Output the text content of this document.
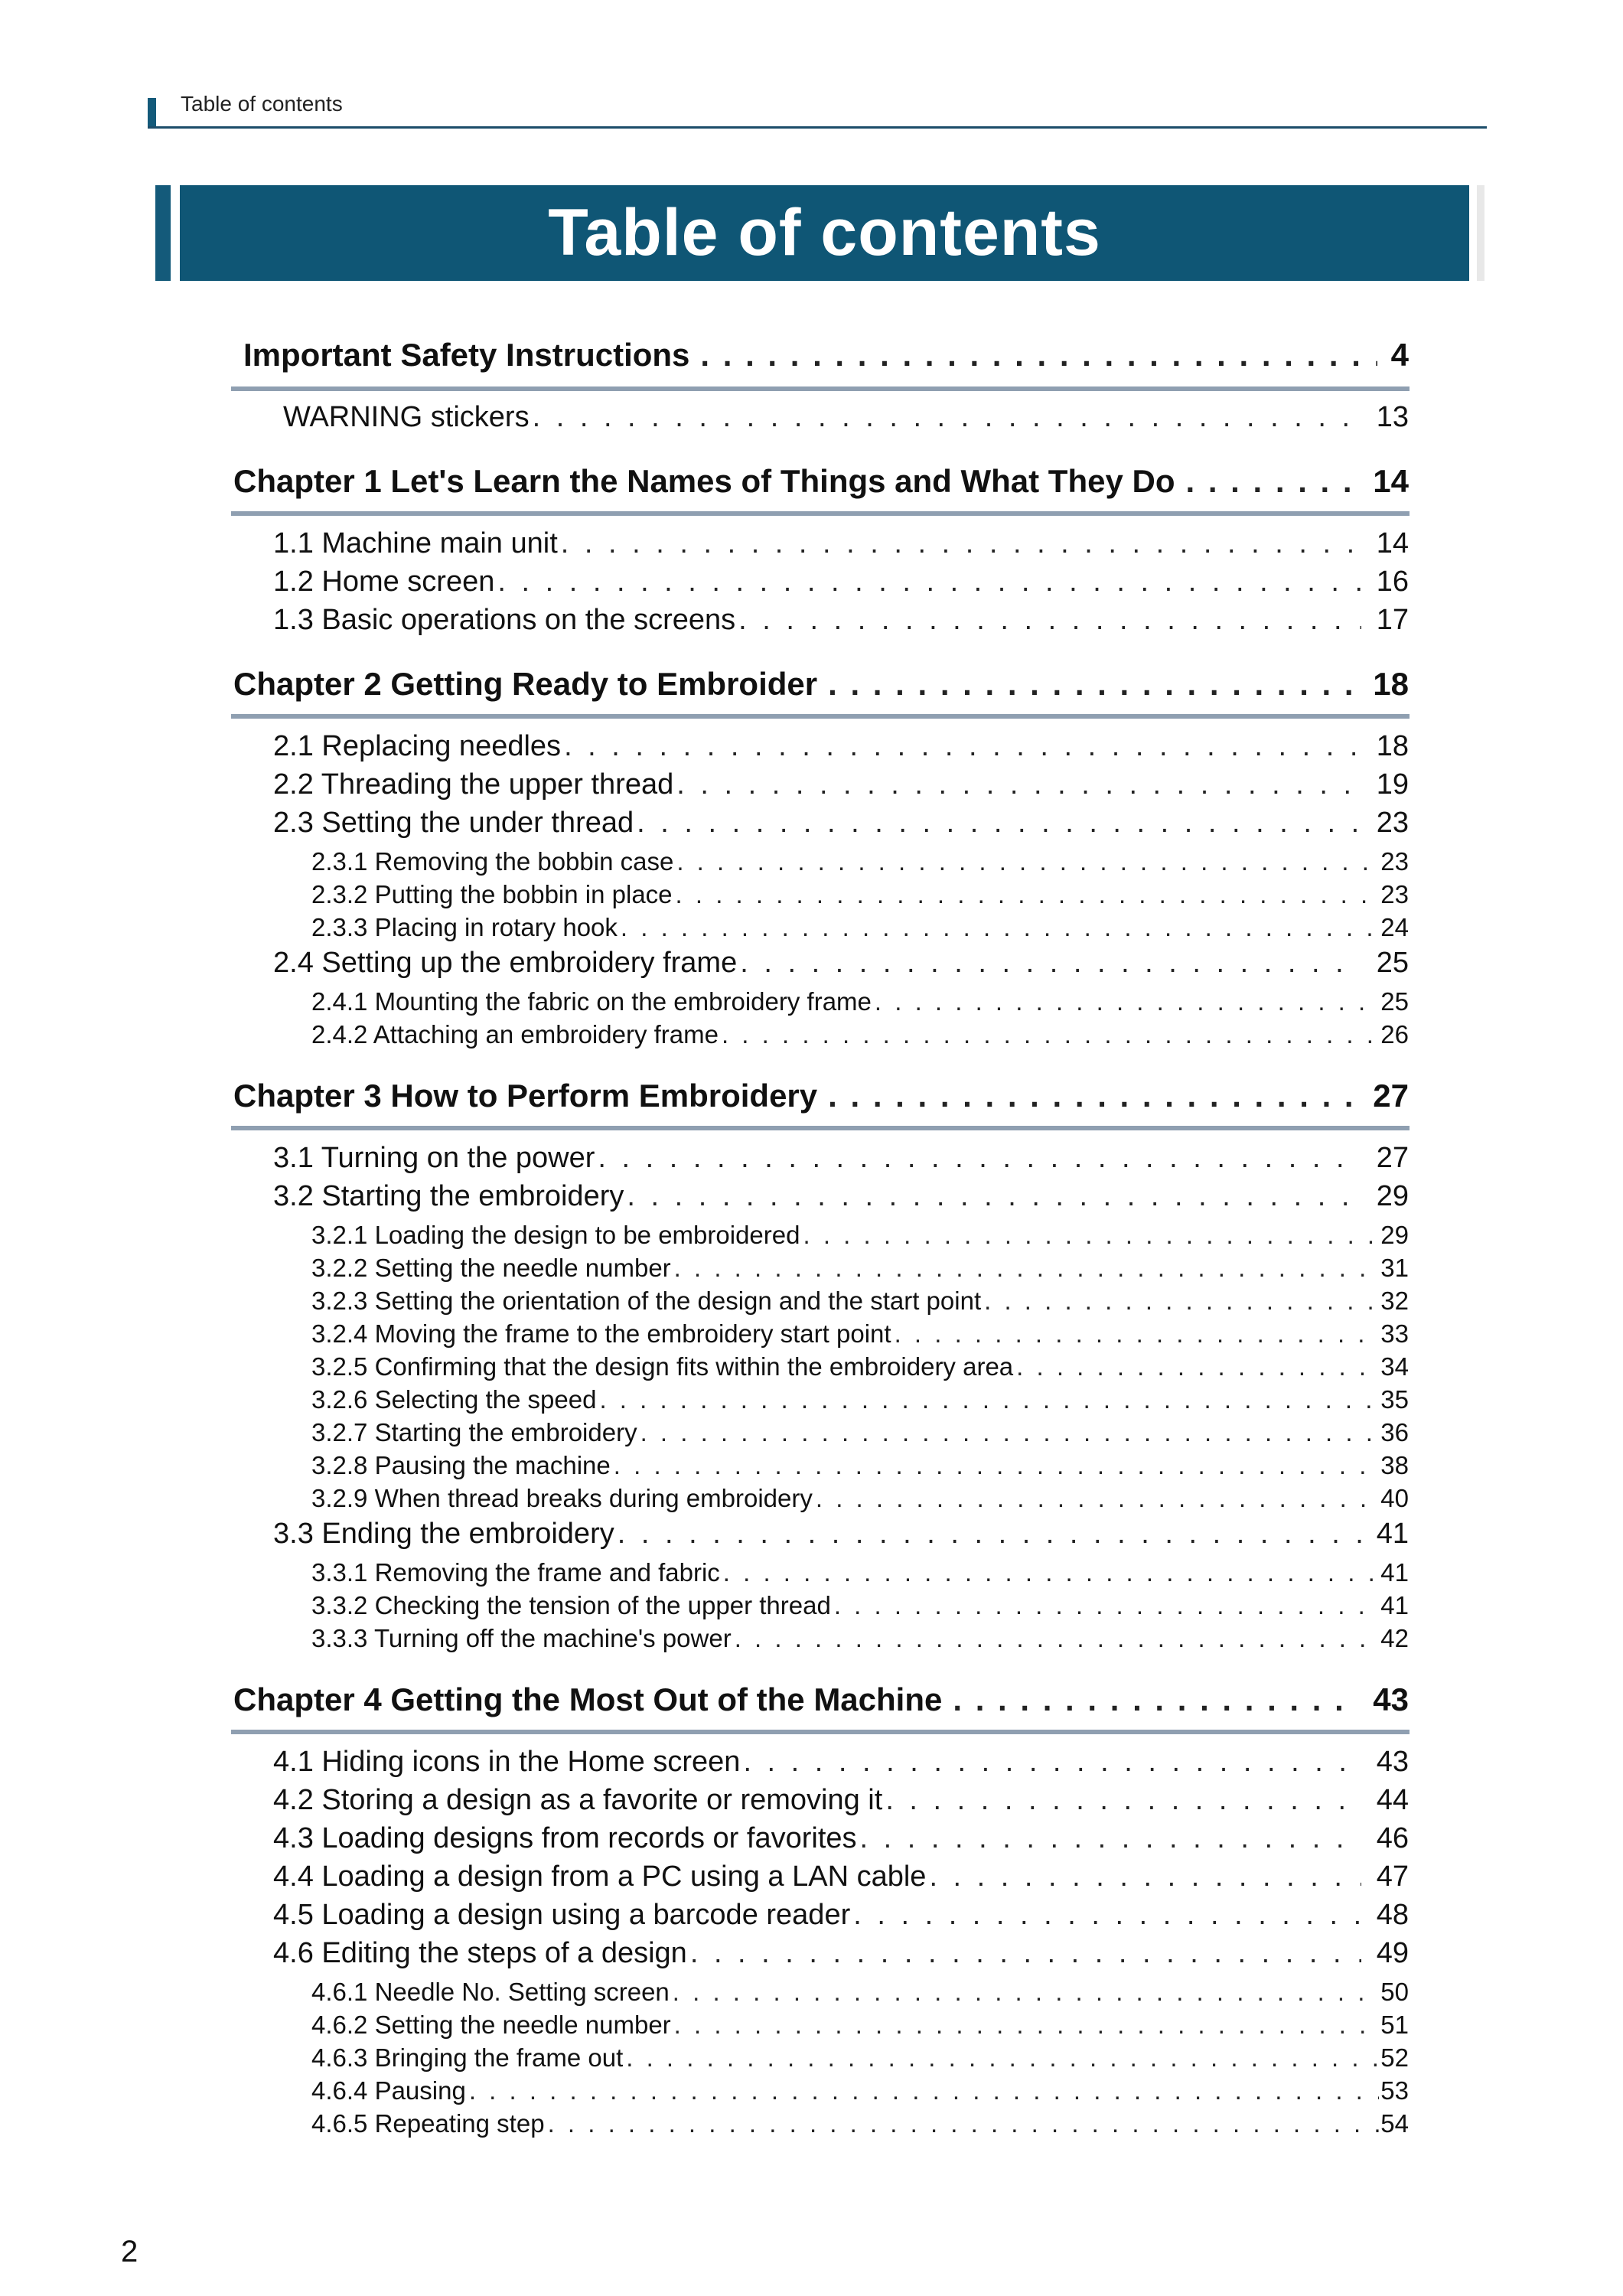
Table of contents
Table of contents
Important Safety Instructions . . .	4
WARNING stickers . . .	13
Chapter 1 Let's Learn the Names of Things and What They Do . . .	14
1.1 Machine main unit . . .	14
1.2 Home screen . . .	16
1.3 Basic operations on the screens . . .	17
Chapter 2 Getting Ready to Embroider . . .	18
2.1 Replacing needles . . .	18
2.2 Threading the upper thread . . .	19
2.3 Setting the under thread . . .	23
2.3.1 Removing the bobbin case . . .	23
2.3.2 Putting the bobbin in place . . .	23
2.3.3 Placing in rotary hook . . .	24
2.4 Setting up the embroidery frame . . .	25
2.4.1 Mounting the fabric on the embroidery frame . . .	25
2.4.2 Attaching an embroidery frame . . .	26
Chapter 3 How to Perform Embroidery . . .	27
3.1 Turning on the power . . .	27
3.2 Starting the embroidery . . .	29
3.2.1 Loading the design to be embroidered . . .	29
3.2.2 Setting the needle number . . .	31
3.2.3 Setting the orientation of the design and the start point . . .	32
3.2.4 Moving the frame to the embroidery start point . . .	33
3.2.5 Confirming that the design fits within the embroidery area . . .	34
3.2.6 Selecting the speed . . .	35
3.2.7 Starting the embroidery . . .	36
3.2.8 Pausing the machine . . .	38
3.2.9 When thread breaks during embroidery . . .	40
3.3 Ending the embroidery . . .	41
3.3.1 Removing the frame and fabric . . .	41
3.3.2 Checking the tension of the upper thread . . .	41
3.3.3 Turning off the machine's power . . .	42
Chapter 4 Getting the Most Out of the Machine . . .	43
4.1 Hiding icons in the Home screen . . .	43
4.2 Storing a design as a favorite or removing it . . .	44
4.3 Loading designs from records or favorites . . .	46
4.4 Loading a design from a PC using a LAN cable . . .	47
4.5 Loading a design using a barcode reader . . .	48
4.6 Editing the steps of a design . . .	49
4.6.1 Needle No. Setting screen . . .	50
4.6.2 Setting the needle number . . .	51
4.6.3 Bringing the frame out . . .	52
4.6.4 Pausing . . .	53
4.6.5 Repeating step . . .	54
2
